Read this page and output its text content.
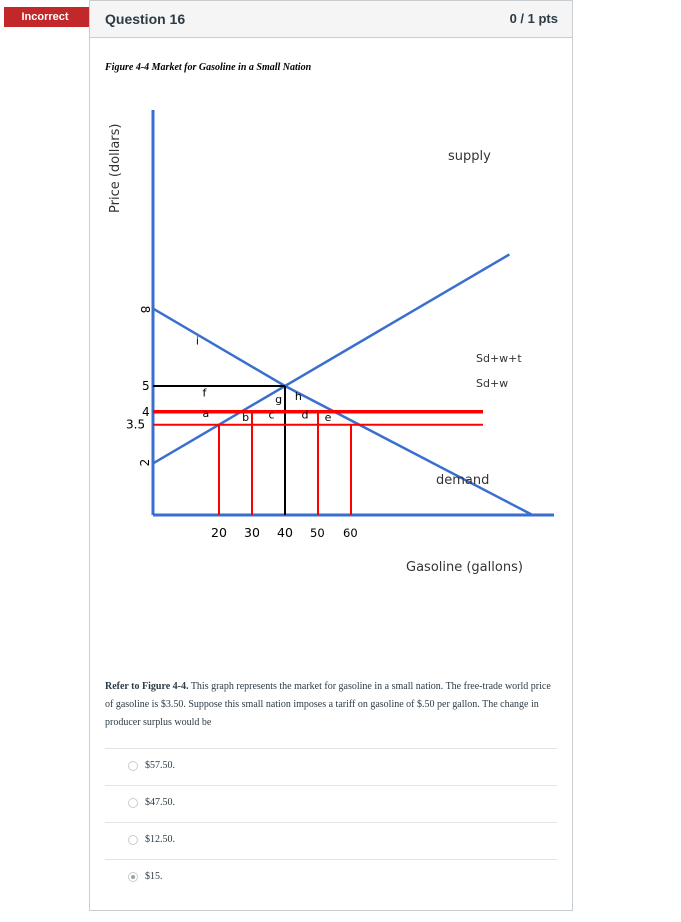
Incorrect	Question 16	0 / 1 pts
Figure 4-4 Market for Gasoline in a Small Nation
8
5
4
3.5
2
20 30 40 50 60
Price (dollars)
Gasoline (gallons)
supply
demand
Sd+w+t
Sd+w
i
f
a
g h
b c d e
Refer to Figure 4-4. This graph represents the market for gasoline in a small nation. The free-trade world price of gasoline is $3.50. Suppose this small nation imposes a tariff on gasoline of $.50 per gallon. The change in producer surplus would be
$57.50.
$47.50.
$12.50.
$15.
